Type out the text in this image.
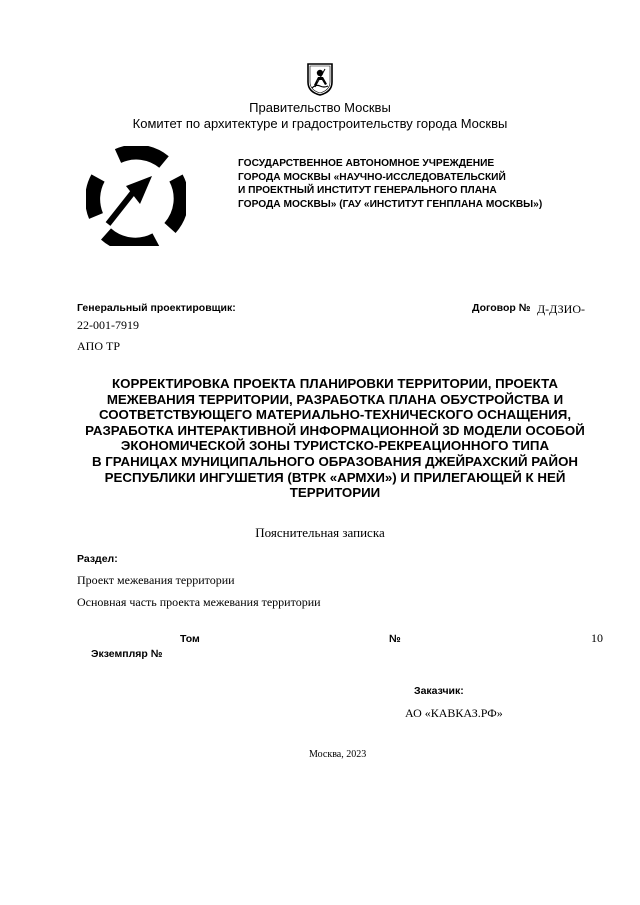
Правительство Москвы
Комитет по архитектуре и градостроительству города Москвы
ГОСУДАРСТВЕННОЕ АВТОНОМНОЕ УЧРЕЖДЕНИЕ
ГОРОДА МОСКВЫ «НАУЧНО-ИССЛЕДОВАТЕЛЬСКИЙ
И ПРОЕКТНЫЙ ИНСТИТУТ ГЕНЕРАЛЬНОГО ПЛАНА
ГОРОДА МОСКВЫ» (ГАУ «ИНСТИТУТ ГЕНПЛАНА МОСКВЫ»)
Генеральный проектировщик:	Договор № Д-ДЗИО-
22-001-7919
АПО ТР
КОРРЕКТИРОВКА ПРОЕКТА ПЛАНИРОВКИ ТЕРРИТОРИИ, ПРОЕКТА
МЕЖЕВАНИЯ ТЕРРИТОРИИ, РАЗРАБОТКА ПЛАНА ОБУСТРОЙСТВА И
СООТВЕТСТВУЮЩЕГО МАТЕРИАЛЬНО-ТЕХНИЧЕСКОГО ОСНАЩЕНИЯ,
РАЗРАБОТКА ИНТЕРАКТИВНОЙ ИНФОРМАЦИОННОЙ 3D МОДЕЛИ ОСОБОЙ
ЭКОНОМИЧЕСКОЙ ЗОНЫ ТУРИСТСКО-РЕКРЕАЦИОННОГО ТИПА
В ГРАНИЦАХ МУНИЦИПАЛЬНОГО ОБРАЗОВАНИЯ ДЖЕЙРАХСКИЙ РАЙОН
РЕСПУБЛИКИ ИНГУШЕТИЯ (ВТРК «АРМХИ») И ПРИЛЕГАЮЩЕЙ К НЕЙ
ТЕРРИТОРИИ
Пояснительная записка
Раздел:
Проект межевания территории
Основная часть проекта межевания территории
Том	№	10
Экземпляр №
Заказчик:
АО «КАВКАЗ.РФ»
Москва, 2023
